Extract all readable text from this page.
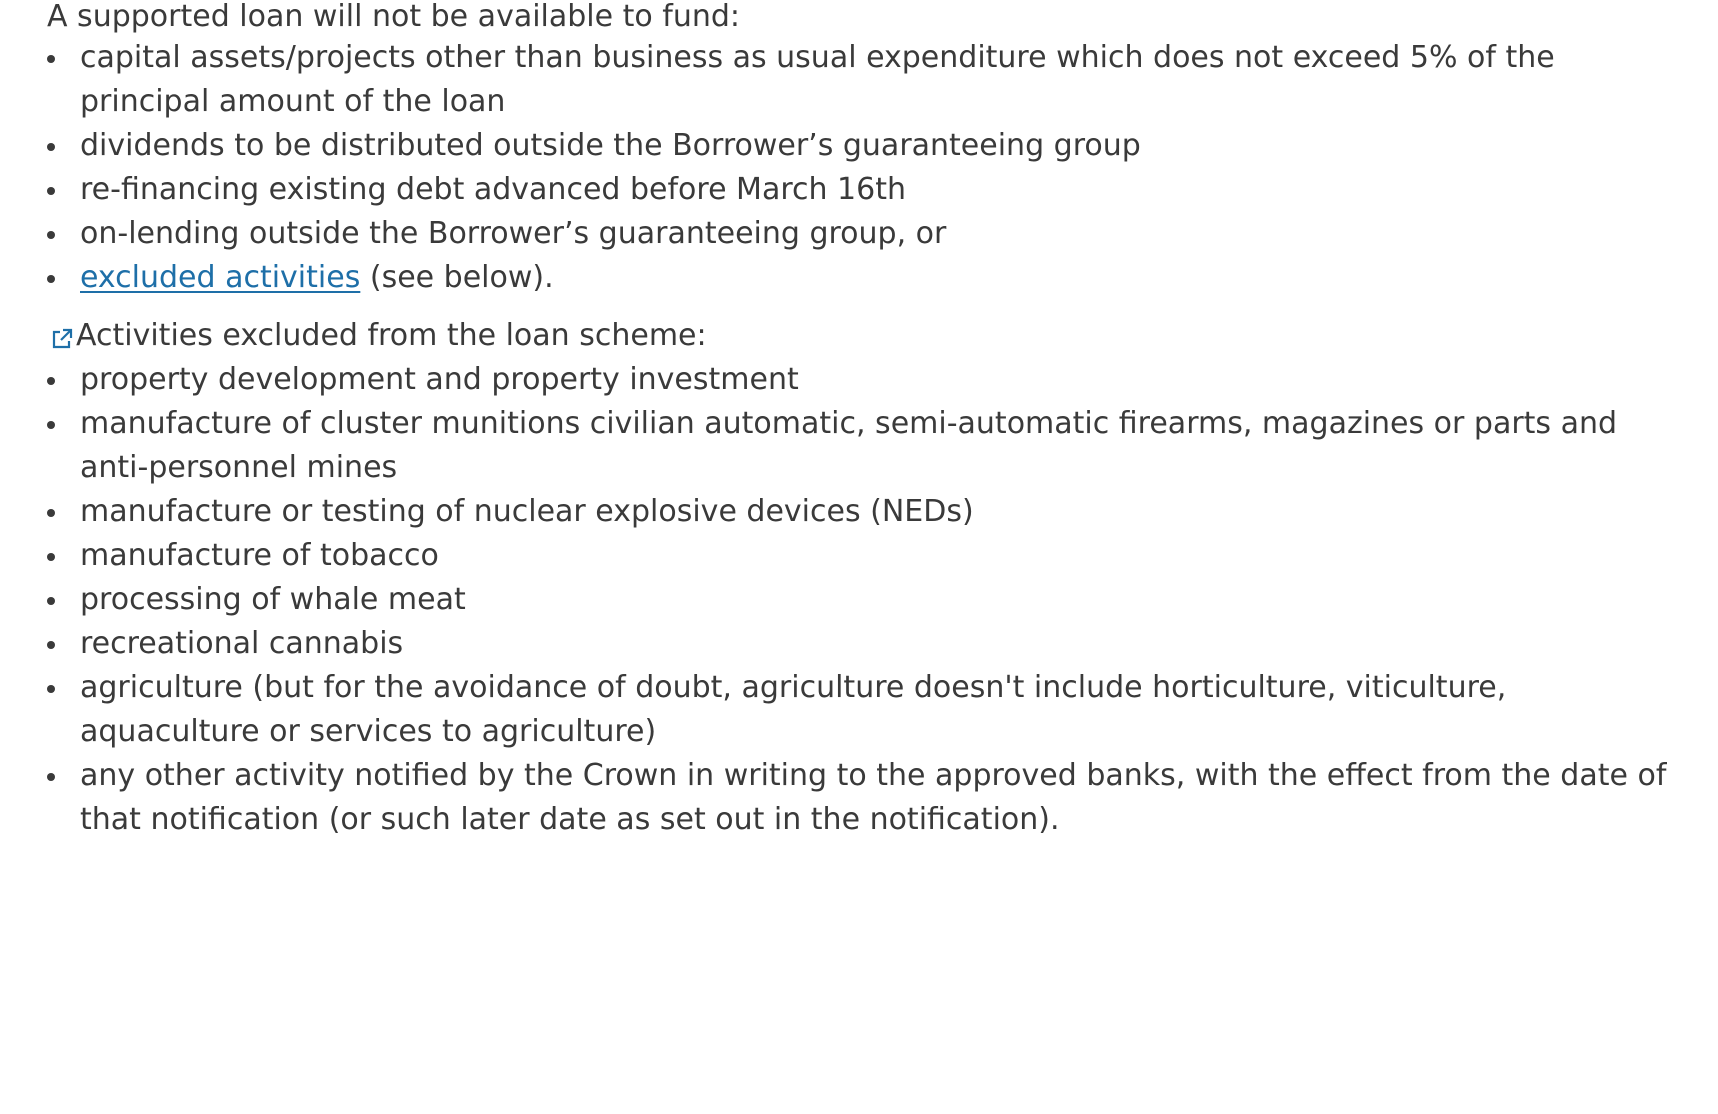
A supported loan will not be available to fund:

capital assets/projects other than business as usual expenditure which does not exceed 5% of the principal amount of the loan
dividends to be distributed outside the Borrower’s guaranteeing group
re-financing existing debt advanced before March 16th
on-lending outside the Borrower’s guaranteeing group, or
excluded activities (see below).
Activities excluded from the loan scheme:
property development and property investment
manufacture of cluster munitions civilian automatic, semi-automatic firearms, magazines or parts and anti-personnel mines
manufacture or testing of nuclear explosive devices (NEDs)
manufacture of tobacco
processing of whale meat
recreational cannabis
agriculture (but for the avoidance of doubt, agriculture doesn't include horticulture, viticulture, aquaculture or services to agriculture)
any other activity notified by the Crown in writing to the approved banks, with the effect from the date of that notification (or such later date as set out in the notification).
